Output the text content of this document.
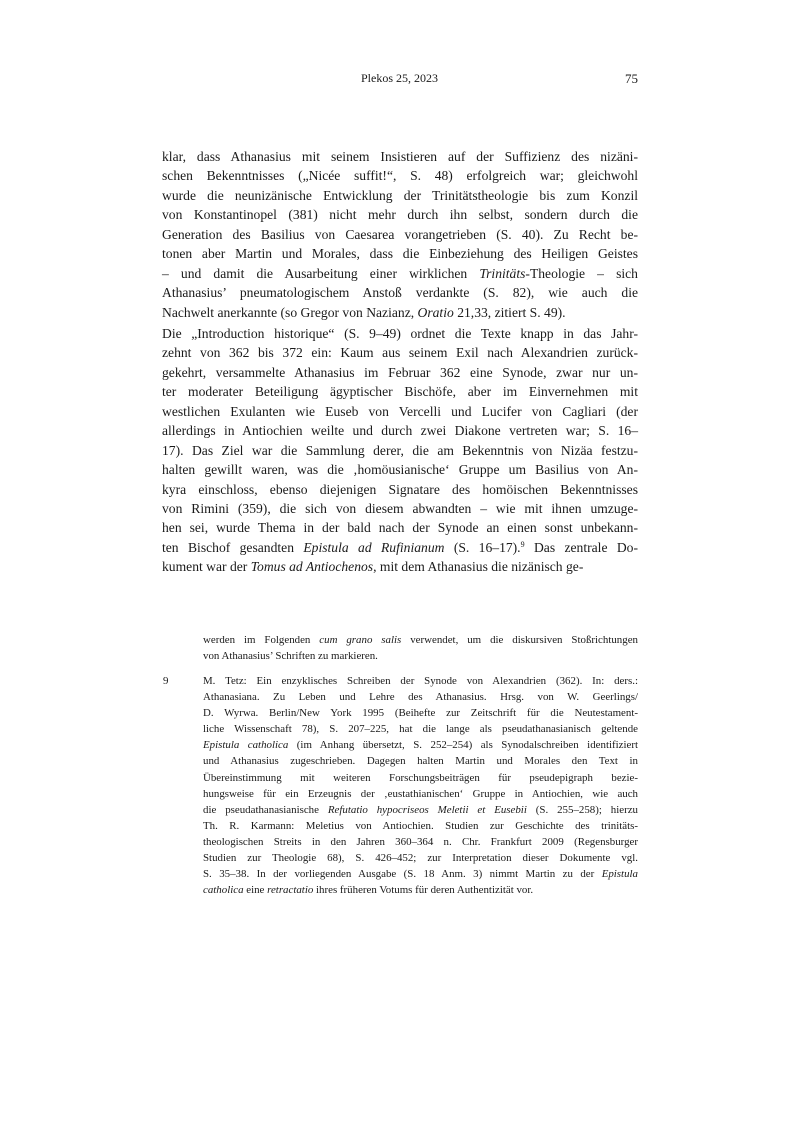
Plekos 25, 2023	75
klar, dass Athanasius mit seinem Insistieren auf der Suffizienz des nizäni-
schen Bekenntnisses („Nicée suffit!“, S. 48) erfolgreich war; gleichwohl
wurde die neunizänische Entwicklung der Trinitätstheologie bis zum Konzil
von Konstantinopel (381) nicht mehr durch ihn selbst, sondern durch die
Generation des Basilius von Caesarea vorangetrieben (S. 40). Zu Recht be-
tonen aber Martin und Morales, dass die Einbeziehung des Heiligen Geistes
– und damit die Ausarbeitung einer wirklichen Trinitäts-Theologie – sich
Athanasius’ pneumatologischem Anstoß verdankte (S. 82), wie auch die
Nachwelt anerkannte (so Gregor von Nazianz, Oratio 21,33, zitiert S. 49).
Die „Introduction historique“ (S. 9–49) ordnet die Texte knapp in das Jahr-
zehnt von 362 bis 372 ein: Kaum aus seinem Exil nach Alexandrien zurück-
gekehrt, versammelte Athanasius im Februar 362 eine Synode, zwar nur un-
ter moderater Beteiligung ägyptischer Bischöfe, aber im Einvernehmen mit
westlichen Exulanten wie Euseb von Vercelli und Lucifer von Cagliari (der
allerdings in Antiochien weilte und durch zwei Diakone vertreten war; S. 16–
17). Das Ziel war die Sammlung derer, die am Bekenntnis von Nizäa festzu-
halten gewillt waren, was die ‚homöusianische‘ Gruppe um Basilius von An-
kyra einschloss, ebenso diejenigen Signatare des homöischen Bekenntnisses
von Rimini (359), die sich von diesem abwandten – wie mit ihnen umzuge-
hen sei, wurde Thema in der bald nach der Synode an einen sonst unbekann-
ten Bischof gesandten Epistula ad Rufinianum (S. 16–17).$^9$ Das zentrale Do-
kument war der Tomus ad Antiochenos, mit dem Athanasius die nizänisch ge-
werden im Folgenden cum grano salis verwendet, um die diskursiven Stoßrichtungen
von Athanasius’ Schriften zu markieren.
9	M. Tetz: Ein enzyklisches Schreiben der Synode von Alexandrien (362). In: ders.:
Athanasiana. Zu Leben und Lehre des Athanasius. Hrsg. von W. Geerlings/
D. Wyrwa. Berlin/New York 1995 (Beihefte zur Zeitschrift für die Neutestament-
liche Wissenschaft 78), S. 207–225, hat die lange als pseudathanasianisch geltende
Epistula catholica (im Anhang übersetzt, S. 252–254) als Synodalschreiben identifiziert
und Athanasius zugeschrieben. Dagegen halten Martin und Morales den Text in
Übereinstimmung mit weiteren Forschungsbeiträgen für pseudepigraph bezie-
hungsweise für ein Erzeugnis der ‚eustathianischen‘ Gruppe in Antiochien, wie auch
die pseudathanasianische Refutatio hypocriseos Meletii et Eusebii (S. 255–258); hierzu
Th. R. Karmann: Meletius von Antiochien. Studien zur Geschichte des trinitäts-
theologischen Streits in den Jahren 360–364 n. Chr. Frankfurt 2009 (Regensburger
Studien zur Theologie 68), S. 426–452; zur Interpretation dieser Dokumente vgl.
S. 35–38. In der vorliegenden Ausgabe (S. 18 Anm. 3) nimmt Martin zu der Epistula
catholica eine retractatio ihres früheren Votums für deren Authentizität vor.
